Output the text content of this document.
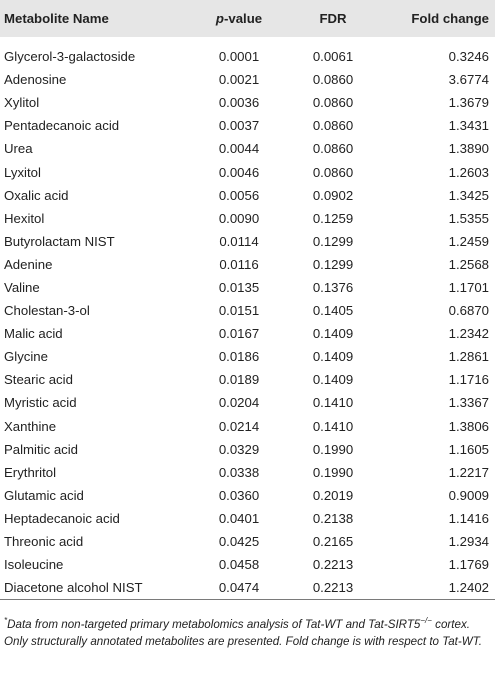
Metabolite Name	p-value	FDR	Fold change
Glycerol-3-galactoside	0.0001	0.0061	0.3246
Adenosine	0.0021	0.0860	3.6774
Xylitol	0.0036	0.0860	1.3679
Pentadecanoic acid	0.0037	0.0860	1.3431
Urea	0.0044	0.0860	1.3890
Lyxitol	0.0046	0.0860	1.2603
Oxalic acid	0.0056	0.0902	1.3425
Hexitol	0.0090	0.1259	1.5355
Butyrolactam NIST	0.0114	0.1299	1.2459
Adenine	0.0116	0.1299	1.2568
Valine	0.0135	0.1376	1.1701
Cholestan-3-ol	0.0151	0.1405	0.6870
Malic acid	0.0167	0.1409	1.2342
Glycine	0.0186	0.1409	1.2861
Stearic acid	0.0189	0.1409	1.1716
Myristic acid	0.0204	0.1410	1.3367
Xanthine	0.0214	0.1410	1.3806
Palmitic acid	0.0329	0.1990	1.1605
Erythritol	0.0338	0.1990	1.2217
Glutamic acid	0.0360	0.2019	0.9009
Heptadecanoic acid	0.0401	0.2138	1.1416
Threonic acid	0.0425	0.2165	1.2934
Isoleucine	0.0458	0.2213	1.1769
Diacetone alcohol NIST	0.0474	0.2213	1.2402
*Data from non-targeted primary metabolomics analysis of Tat-WT and Tat-SIRT5−/− cortex. Only structurally annotated metabolites are presented. Fold change is with respect to Tat-WT.
